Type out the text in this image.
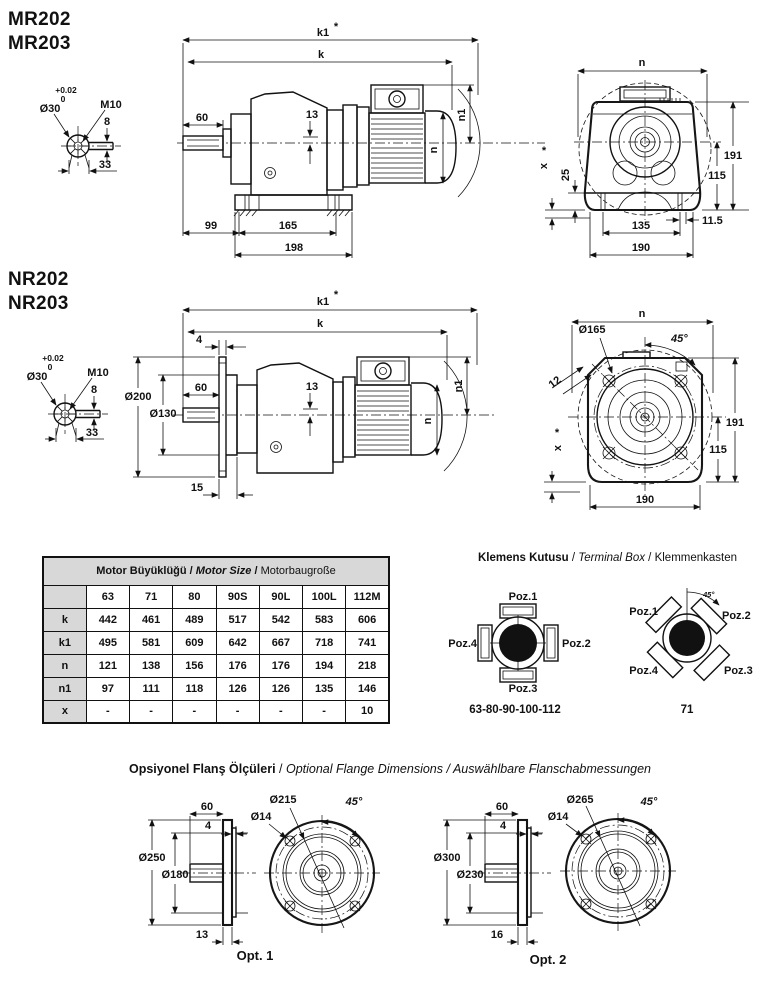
MR202
MR203
NR202
NR203
+0.02
0
Ø30	M10
8
33
k1 *
k
60	13	n1
n
99	165
198
n
191
115
25
x
*
135	11.5
190
+0.02
0
Ø30	M10
8
33
k1
*
k
4
Ø200
Ø130
60	13	n1
n
15
n
Ø165
45°
12
191
115
x
*
190
Motor Büyüklüğü / Motor Size / Motorbaugroße							
	63	71	80	90S	90L	100L	112M
k	442	461	489	517	542	583	606
k1	495	581	609	642	667	718	741
n	121	138	156	176	176	194	218
n1	97	111	118	126	126	135	146
x	-	-	-	-	-	-	10
Klemens Kutusu / Terminal Box / Klemmenkasten
Poz.1
Poz.2
Poz.3
Poz.4
63-80-90-100-112
45°
Poz.1	Poz.2
Poz.3
Poz.4
71
Opsiyonel Flanş Ölçüleri / Optional Flange Dimensions / Auswählbare Flanschabmessungen
60
4
Ø250
Ø180
13
Ø215
Ø14
45°
Opt. 1
60
4
Ø300
Ø230
16
Ø265
Ø14
45°
Opt. 2
